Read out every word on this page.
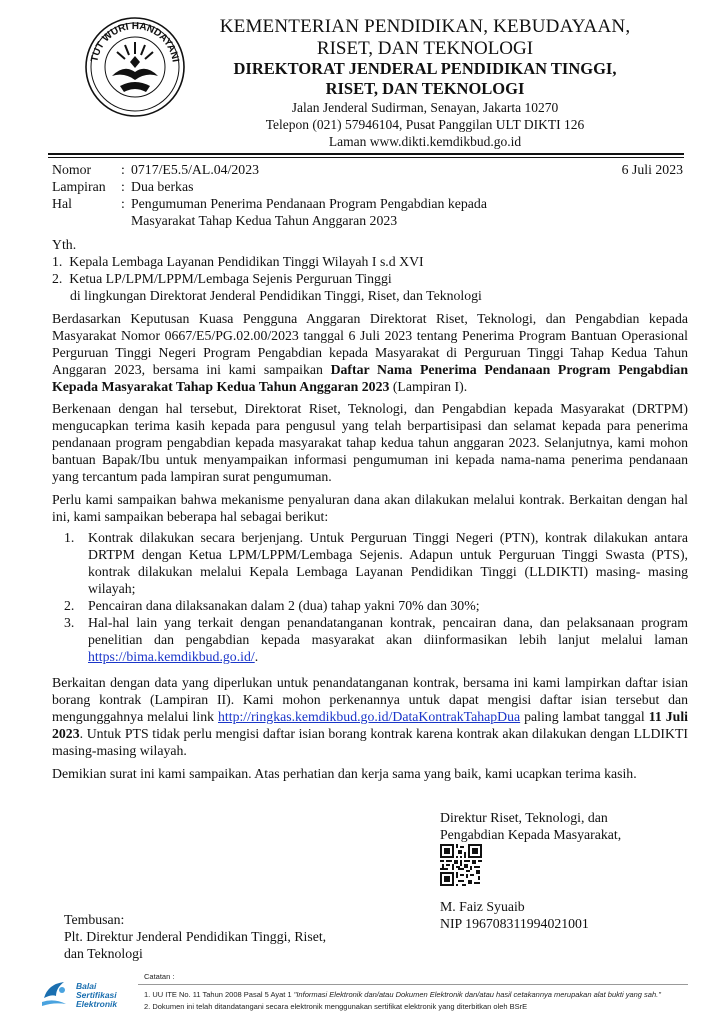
TUT WURI HANDAYANI
KEMENTERIAN PENDIDIKAN, KEBUDAYAAN,
RISET, DAN TEKNOLOGI
DIREKTORAT JENDERAL PENDIDIKAN TINGGI,
RISET, DAN TEKNOLOGI
Jalan Jenderal Sudirman, Senayan, Jakarta 10270
Telepon (021) 57946104, Pusat Panggilan ULT DIKTI 126
Laman www.dikti.kemdikbud.go.id
Nomor : 0717/E5.5/AL.04/2023	6 Juli 2023
Lampiran : Dua berkas
Hal	: Pengumuman Penerima Pendanaan Program Pengabdian kepada
Masyarakat Tahap Kedua Tahun Anggaran 2023
Yth.
1.  Kepala Lembaga Layanan Pendidikan Tinggi Wilayah I s.d XVI
2.  Ketua LP/LPM/LPPM/Lembaga Sejenis Perguruan Tinggi
di lingkungan Direktorat Jenderal Pendidikan Tinggi, Riset, dan Teknologi
Berdasarkan Keputusan Kuasa Pengguna Anggaran Direktorat Riset, Teknologi, dan Pengabdian kepada Masyarakat Nomor 0667/E5/PG.02.00/2023 tanggal 6 Juli 2023 tentang Penerima Program Bantuan Operasional Perguruan Tinggi Negeri Program Pengabdian kepada Masyarakat di Perguruan Tinggi Tahap Kedua Tahun Anggaran 2023, bersama ini kami sampaikan Daftar Nama Penerima Pendanaan Program Pengabdian Kepada Masyarakat Tahap Kedua Tahun Anggaran 2023 (Lampiran I).
Berkenaan dengan hal tersebut, Direktorat Riset, Teknologi, dan Pengabdian kepada Masyarakat (DRTPM) mengucapkan terima kasih kepada para pengusul yang telah berpartisipasi dan selamat kepada para penerima pendanaan program pengabdian kepada masyarakat tahap kedua tahun anggaran 2023. Selanjutnya, kami mohon bantuan Bapak/Ibu untuk menyampaikan informasi pengumuman ini kepada nama-nama penerima pendanaan yang tercantum pada lampiran surat pengumuman.
Perlu kami sampaikan bahwa mekanisme penyaluran dana akan dilakukan melalui kontrak. Berkaitan dengan hal ini, kami sampaikan beberapa hal sebagai berikut:
1. Kontrak dilakukan secara berjenjang. Untuk Perguruan Tinggi Negeri (PTN), kontrak dilakukan antara DRTPM dengan Ketua LPM/LPPM/Lembaga Sejenis. Adapun untuk Perguruan Tinggi Swasta (PTS), kontrak dilakukan melalui Kepala Lembaga Layanan Pendidikan Tinggi (LLDIKTI) masing- masing wilayah;
2. Pencairan dana dilaksanakan dalam 2 (dua) tahap yakni 70% dan 30%;
3. Hal-hal lain yang terkait dengan penandatanganan kontrak, pencairan dana, dan pelaksanaan program penelitian dan pengabdian kepada masyarakat akan diinformasikan lebih lanjut melalui laman https://bima.kemdikbud.go.id/.
Berkaitan dengan data yang diperlukan untuk penandatanganan kontrak, bersama ini kami lampirkan daftar isian borang kontrak (Lampiran II). Kami mohon perkenannya untuk dapat mengisi daftar isian tersebut dan mengunggahnya melalui link http://ringkas.kemdikbud.go.id/DataKontrakTahapDua paling lambat tanggal 11 Juli 2023. Untuk PTS tidak perlu mengisi daftar isian borang kontrak karena kontrak akan dilakukan dengan LLDIKTI masing-masing wilayah.
Demikian surat ini kami sampaikan. Atas perhatian dan kerja sama yang baik, kami ucapkan terima kasih.
Direktur Riset, Teknologi, dan
Pengabdian Kepada Masyarakat,
M. Faiz Syuaib
NIP 196708311994021001
Tembusan:
Plt. Direktur Jenderal Pendidikan Tinggi, Riset,
dan Teknologi
Balai
Sertifikasi
Elektronik
Catatan :
1. UU ITE No. 11 Tahun 2008 Pasal 5 Ayat 1 "Informasi Elektronik dan/atau Dokumen Elektronik dan/atau hasil cetakannya merupakan alat bukti yang sah."
2. Dokumen ini telah ditandatangani secara elektronik menggunakan sertifikat elektronik yang diterbitkan oleh BSrE
